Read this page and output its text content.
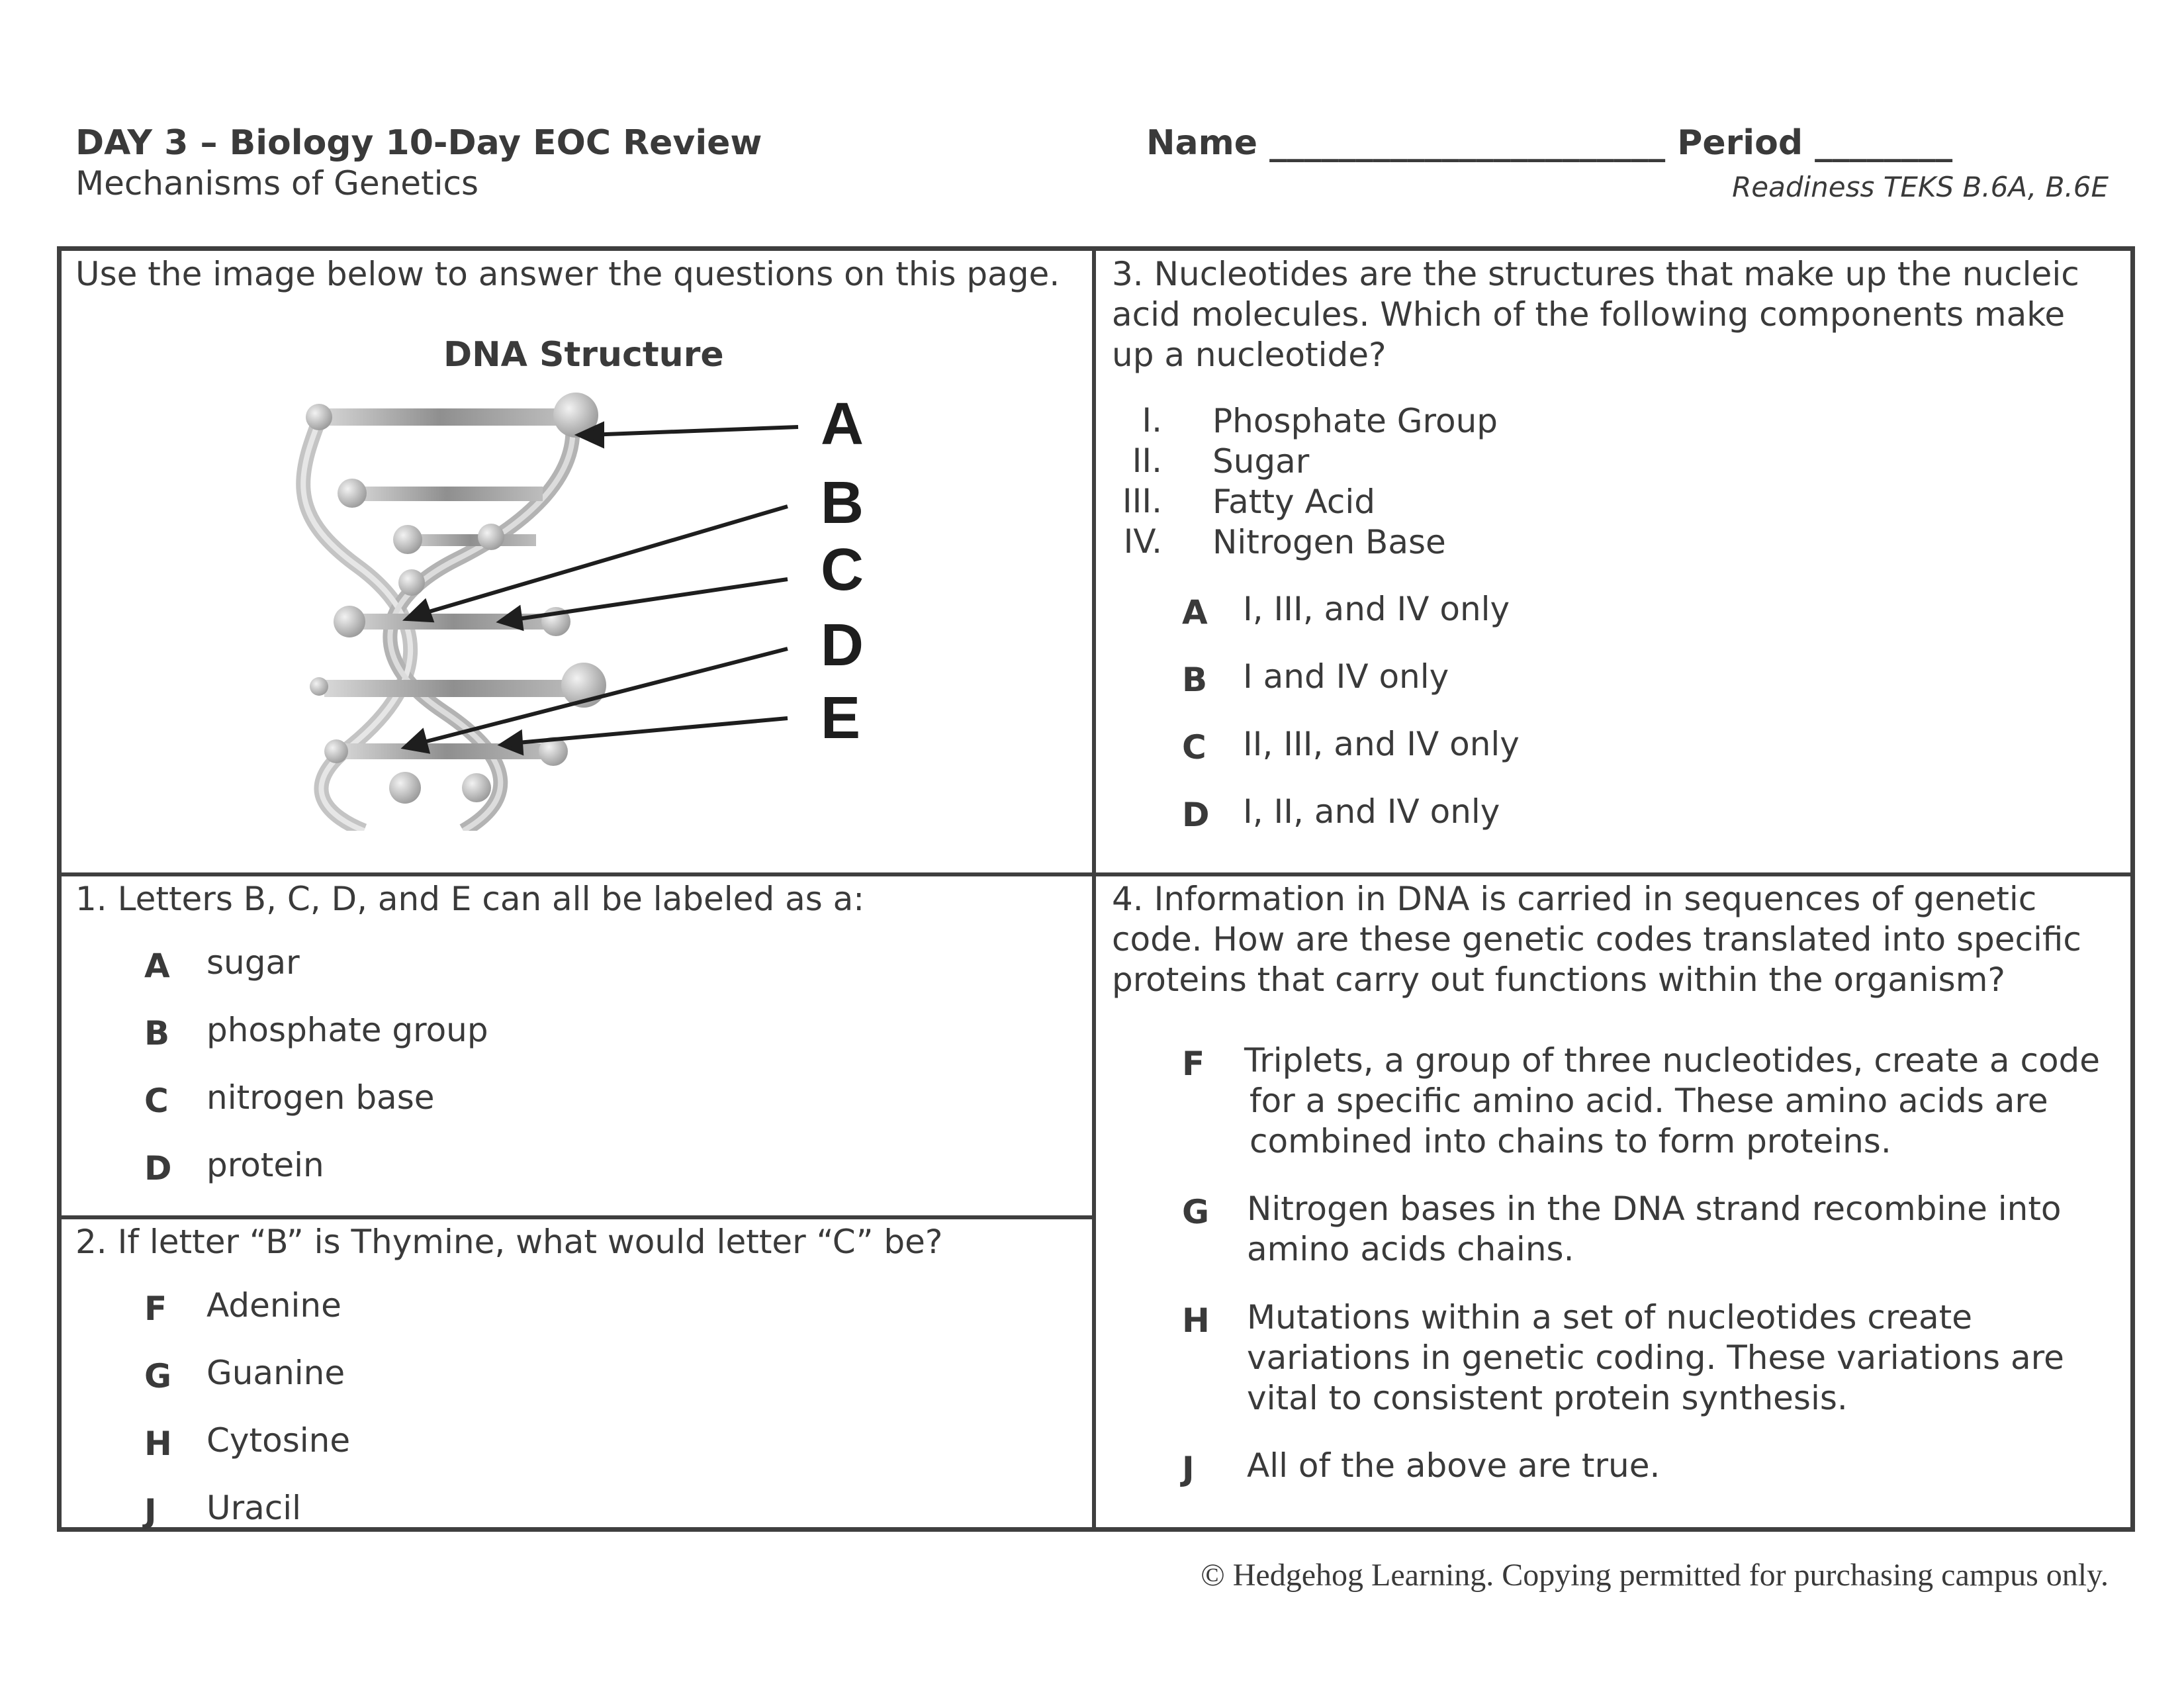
DAY 3 – Biology 10-Day EOC Review
Mechanisms of Genetics
Name _______________________ Period ________
Readiness TEKS B.6A, B.6E
Use the image below to answer the questions on this page.
DNA Structure
A
B
C
D
E
1. Letters B, C, D, and E can all be labeled as a:
A sugar
B phosphate group
C nitrogen base
D protein
2. If letter “B” is Thymine, what would letter “C” be?
F Adenine
G Guanine
H Cytosine
J Uracil
3. Nucleotides are the structures that make up the nucleic
acid molecules. Which of the following components make
up a nucleotide?
I. Phosphate Group
II. Sugar
III. Fatty Acid
IV. Nitrogen Base
A I, III, and IV only
B I and IV only
C II, III, and IV only
D I, II, and IV only
4. Information in DNA is carried in sequences of genetic
code. How are these genetic codes translated into specific
proteins that carry out functions within the organism?
F Triplets, a group of three nucleotides, create a code
for a specific amino acid. These amino acids are
combined into chains to form proteins.
G Nitrogen bases in the DNA strand recombine into
amino acids chains.
H Mutations within a set of nucleotides create
variations in genetic coding. These variations are
vital to consistent protein synthesis.
J All of the above are true.
© Hedgehog Learning. Copying permitted for purchasing campus only.
